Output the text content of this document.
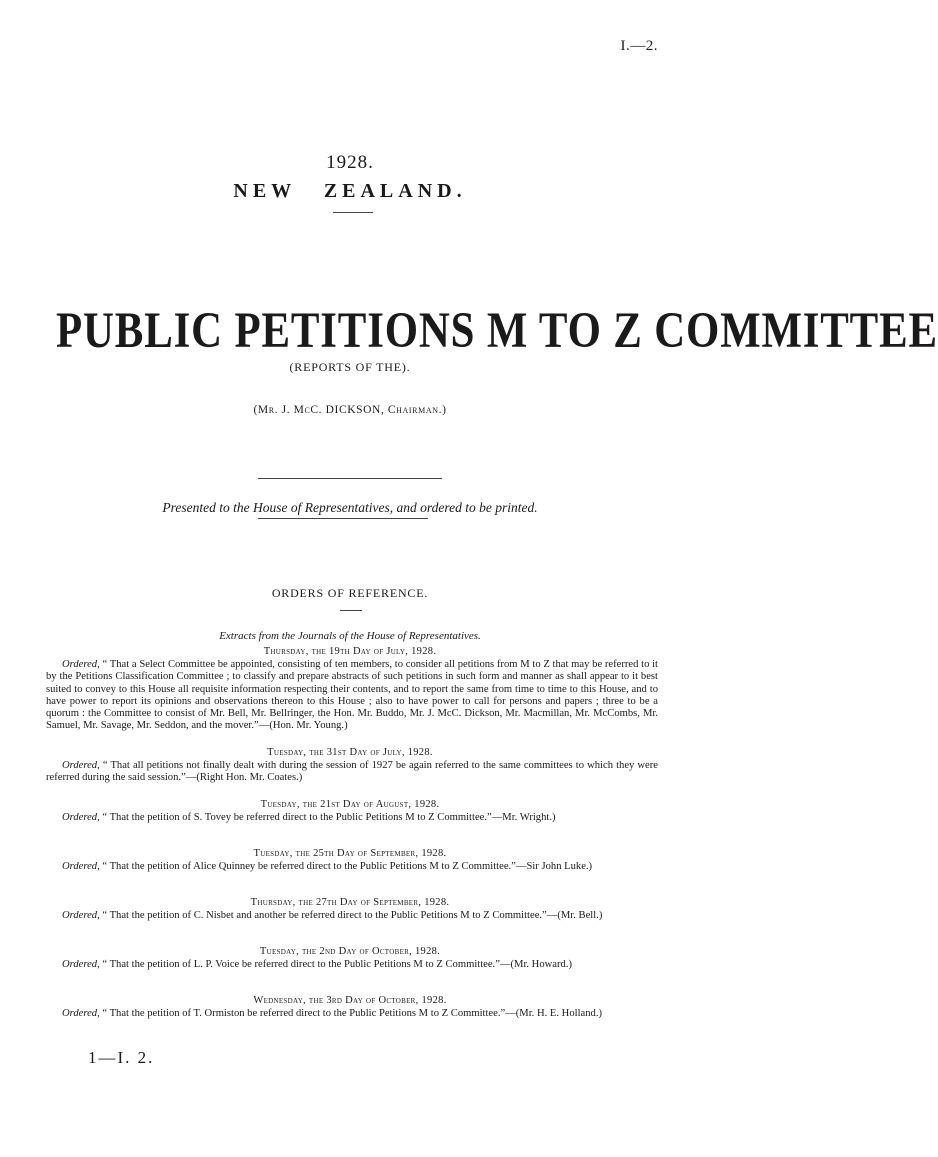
I.—2.
1928.
NEW ZEALAND.
PUBLIC PETITIONS M TO Z COMMITTEE
(REPORTS OF THE).
(Mr. J. McC. DICKSON, Chairman.)
Presented to the House of Representatives, and ordered to be printed.
ORDERS OF REFERENCE.
Extracts from the Journals of the House of Representatives.
Thursday, the 19th Day of July, 1928.
Ordered, “ That a Select Committee be appointed, consisting of ten members, to consider all petitions from M to Z that may be referred to it by the Petitions Classification Committee ; to classify and prepare abstracts of such petitions in such form and manner as shall appear to it best suited to convey to this House all requisite information respecting their contents, and to report the same from time to time to this House, and to have power to report its opinions and observations thereon to this House ; also to have power to call for persons and papers ; three to be a quorum : the Committee to consist of Mr. Bell, Mr. Bellringer, the Hon. Mr. Buddo, Mr. J. McC. Dickson, Mr. Macmillan, Mr. McCombs, Mr. Samuel, Mr. Savage, Mr. Seddon, and the mover.”—(Hon. Mr. Young.)
Tuesday, the 31st Day of July, 1928.
Ordered, “ That all petitions not finally dealt with during the session of 1927 be again referred to the same committees to which they were referred during the said session.”—(Right Hon. Mr. Coates.)
Tuesday, the 21st Day of August, 1928.
Ordered, “ That the petition of S. Tovey be referred direct to the Public Petitions M to Z Committee.”—Mr. Wright.)
Tuesday, the 25th Day of September, 1928.
Ordered, “ That the petition of Alice Quinney be referred direct to the Public Petitions M to Z Committee.”—Sir John Luke.)
Thursday, the 27th Day of September, 1928.
Ordered, “ That the petition of C. Nisbet and another be referred direct to the Public Petitions M to Z Committee.”—(Mr. Bell.)
Tuesday, the 2nd Day of October, 1928.
Ordered, “ That the petition of L. P. Voice be referred direct to the Public Petitions M to Z Committee.”—(Mr. Howard.)
Wednesday, the 3rd Day of October, 1928.
Ordered, “ That the petition of T. Ormiston be referred direct to the Public Petitions M to Z Committee.”—(Mr. H. E. Holland.)
1—I. 2.
